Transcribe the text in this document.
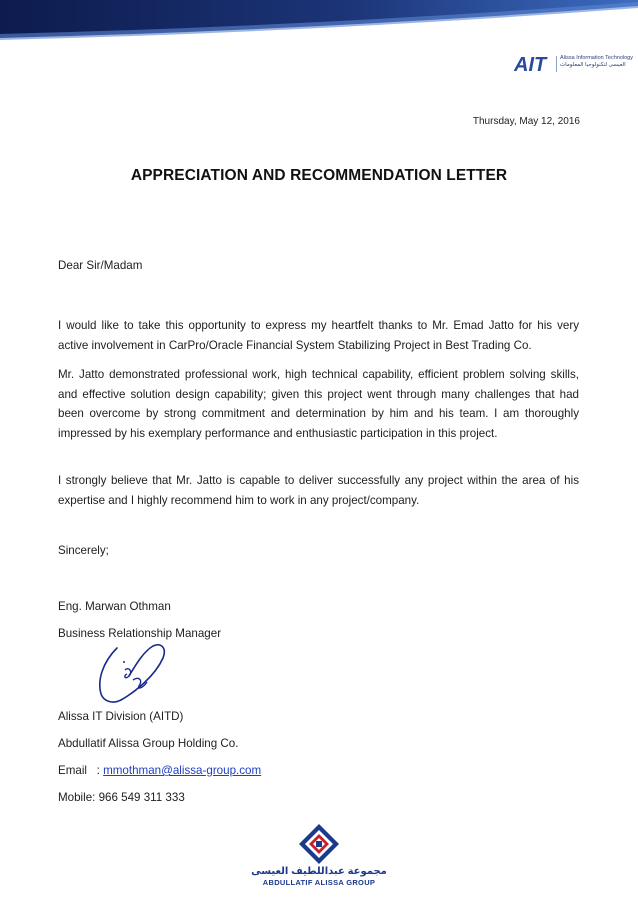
AIT	Alissa Information Technology
العيسى لتكنولوجيا المعلومات
Thursday, May 12, 2016
APPRECIATION AND RECOMMENDATION LETTER
Dear Sir/Madam
I would like to take this opportunity to express my heartfelt thanks to Mr. Emad Jatto for his very active involvement in CarPro/Oracle Financial System Stabilizing Project in Best Trading Co.
Mr. Jatto demonstrated professional work, high technical capability, efficient problem solving skills, and effective solution design capability; given this project went through many challenges that had been overcome by strong commitment and determination by him and his team. I am thoroughly impressed by his exemplary performance and enthusiastic participation in this project.
I strongly believe that Mr. Jatto is capable to deliver successfully any project within the area of his expertise and I highly recommend him to work in any project/company.
Sincerely;
Eng. Marwan Othman
Business Relationship Manager
Alissa IT Division (AITD)
Abdullatif Alissa Group Holding Co.
Email   : mmothman@alissa-group.com
Mobile: 966 549 311 333
مجموعة عبداللطيف العيسى
ABDULLATIF ALISSA GROUP
